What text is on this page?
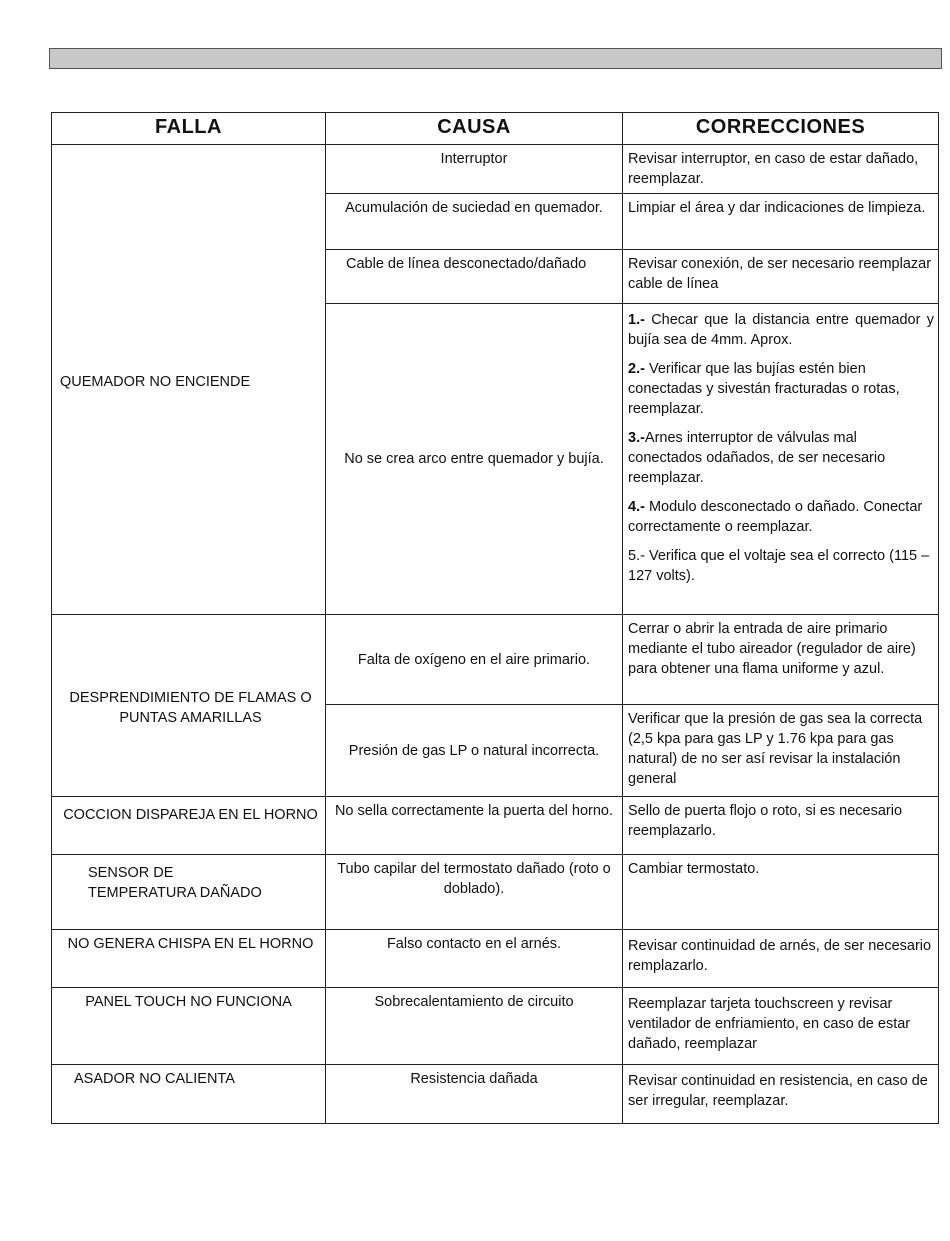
FALLA	CAUSA	CORRECCIONES
QUEMADOR NO ENCIENDE	Interruptor	Revisar interruptor, en caso de estar dañado, reemplazar.
	Acumulación de suciedad en quemador.	Limpiar el área y dar indicaciones de limpieza.
	Cable de línea desconectado/dañado	Revisar conexión, de ser necesario reemplazar cable de línea
	No se crea arco entre quemador y bujía.	1.- Checar que la distancia entre quemador y bujía sea de 4mm. Aprox.
2.- Verificar que las bujías estén bien conectadas y sivestán fracturadas o rotas, reemplazar.
3.-Arnes interruptor de válvulas mal conectados odañados, de ser necesario reemplazar.
4.- Modulo desconectado o dañado. Conectar correctamente o reemplazar.
5.- Verifica que el voltaje sea el correcto (115 – 127 volts).

DESPRENDIMIENTO DE FLAMAS O PUNTAS AMARILLAS	Falta de oxígeno en el aire primario.	Cerrar o abrir la entrada de aire primario mediante el tubo aireador (regulador de aire) para obtener una flama uniforme y azul.
	Presión de gas LP o natural incorrecta.	Verificar que la presión de gas sea la correcta (2,5 kpa para gas LP y 1.76 kpa para gas natural) de no ser así revisar la instalación general
COCCION DISPAREJA EN EL HORNO	No sella correctamente la puerta del horno.	Sello de puerta flojo o roto, si es necesario reemplazarlo.
SENSOR DE TEMPERATURA DAÑADO	Tubo capilar del termostato dañado (roto o doblado).	Cambiar termostato.
NO GENERA CHISPA EN EL HORNO	Falso contacto en el arnés.	Revisar continuidad de arnés, de ser necesario remplazarlo.
PANEL TOUCH NO FUNCIONA	Sobrecalentamiento de circuito	Reemplazar tarjeta touchscreen y revisar ventilador de enfriamiento, en caso de estar dañado, reemplazar
ASADOR NO CALIENTA	Resistencia dañada	Revisar continuidad en resistencia, en caso de ser irregular, reemplazar.
